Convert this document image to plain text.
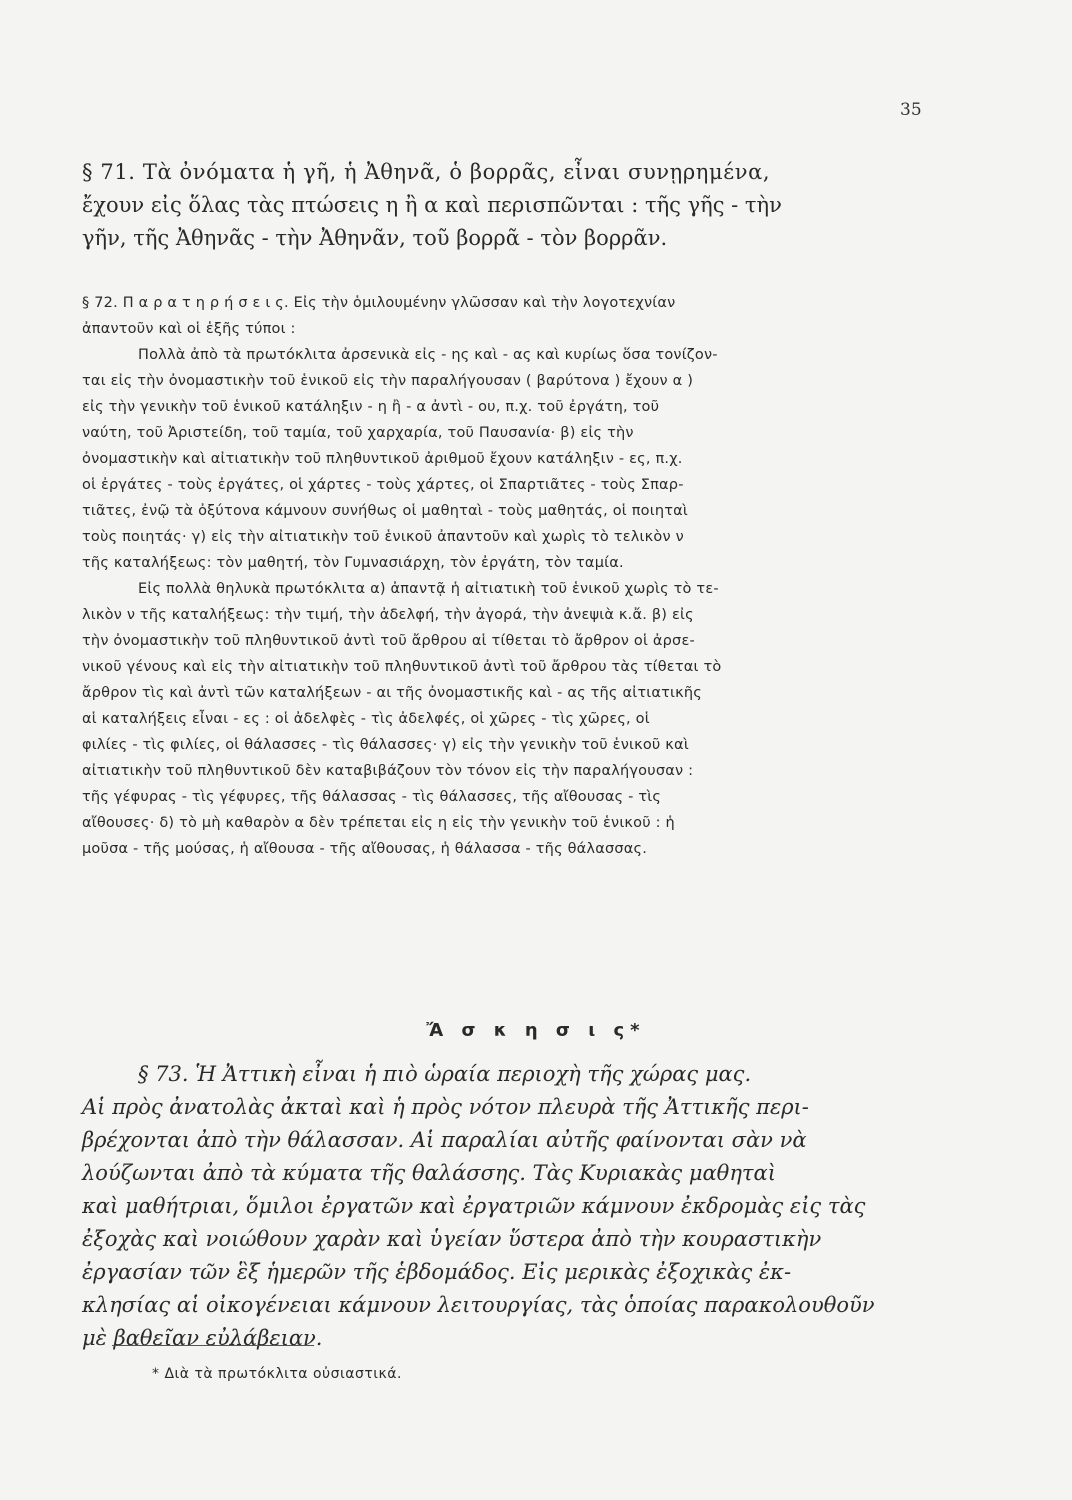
35
§ 71. Τὰ ὀνόματα ἡ γῆ, ἡ Ἀθηνᾶ, ὁ βορρᾶς, εἶναι συνῃρημένα,
ἔχουν εἰς ὅλας τὰς πτώσεις η ἢ α καὶ περισπῶνται : τῆς γῆς - τὴν
γῆν, τῆς Ἀθηνᾶς - τὴν Ἀθηνᾶν, τοῦ βορρᾶ - τὸν βορρᾶν.
§ 72. Π α ρ α τ η ρ ή σ ε ι ς. Εἰς τὴν ὁμιλουμένην γλῶσσαν καὶ τὴν λογοτεχνίαν
ἀπαντοῦν καὶ οἱ ἑξῆς τύποι :
Πολλὰ ἀπὸ τὰ πρωτόκλιτα ἀρσενικὰ εἰς - ης καὶ - ας καὶ κυρίως ὅσα τονίζον-
ται εἰς τὴν ὀνομαστικὴν τοῦ ἑνικοῦ εἰς τὴν παραλήγουσαν ( βαρύτονα ) ἔχουν α )
εἰς τὴν γενικὴν τοῦ ἑνικοῦ κατάληξιν - η ἢ - α ἀντὶ - ου, π.χ. τοῦ ἐργάτη, τοῦ
ναύτη, τοῦ Ἀριστείδη, τοῦ ταμία, τοῦ χαρχαρία, τοῦ Παυσανία· β) εἰς τὴν
ὀνομαστικὴν καὶ αἰτιατικὴν τοῦ πληθυντικοῦ ἀριθμοῦ ἔχουν κατάληξιν - ες, π.χ.
οἱ ἐργάτες - τοὺς ἐργάτες, οἱ χάρτες - τοὺς χάρτες, οἱ Σπαρτιᾶτες - τοὺς Σπαρ-
τιᾶτες, ἐνῷ τὰ ὀξύτονα κάμνουν συνήθως οἱ μαθηταὶ - τοὺς μαθητάς, οἱ ποιηταὶ
τοὺς ποιητάς· γ) εἰς τὴν αἰτιατικὴν τοῦ ἑνικοῦ ἀπαντοῦν καὶ χωρὶς τὸ τελικὸν ν
τῆς καταλήξεως: τὸν μαθητή, τὸν Γυμνασιάρχη, τὸν ἐργάτη, τὸν ταμία.
Εἰς πολλὰ θηλυκὰ πρωτόκλιτα α) ἀπαντᾷ ἡ αἰτιατικὴ τοῦ ἑνικοῦ χωρὶς τὸ τε-
λικὸν ν τῆς καταλήξεως: τὴν τιμή, τὴν ἀδελφή, τὴν ἀγορά, τὴν ἀνεψιὰ κ.ἄ. β) εἰς
τὴν ὀνομαστικὴν τοῦ πληθυντικοῦ ἀντὶ τοῦ ἄρθρου αἱ τίθεται τὸ ἄρθρον οἱ ἀρσε-
νικοῦ γένους καὶ εἰς τὴν αἰτιατικὴν τοῦ πληθυντικοῦ ἀντὶ τοῦ ἄρθρου τὰς τίθεται τὸ
ἄρθρον τὶς καὶ ἀντὶ τῶν καταλήξεων - αι τῆς ὀνομαστικῆς καὶ - ας τῆς αἰτιατικῆς
αἱ καταλήξεις εἶναι - ες : οἱ ἀδελφὲς - τὶς ἀδελφές, οἱ χῶρες - τὶς χῶρες, οἱ
φιλίες - τὶς φιλίες, οἱ θάλασσες - τὶς θάλασσες· γ) εἰς τὴν γενικὴν τοῦ ἑνικοῦ καὶ
αἰτιατικὴν τοῦ πληθυντικοῦ δὲν καταβιβάζουν τὸν τόνον εἰς τὴν παραλήγουσαν :
τῆς γέφυρας - τὶς γέφυρες, τῆς θάλασσας - τὶς θάλασσες, τῆς αἴθουσας - τὶς
αἴθουσες· δ) τὸ μὴ καθαρὸν α δὲν τρέπεται εἰς η εἰς τὴν γενικὴν τοῦ ἑνικοῦ : ἡ
μοῦσα - τῆς μούσας, ἡ αἴθουσα - τῆς αἴθουσας, ἡ θάλασσα - τῆς θάλασσας.
Ἄ σ κ η σ ι ς*
§ 73. Ἡ Ἀττικὴ εἶναι ἡ πιὸ ὡραία περιοχὴ τῆς χώρας μας.
Αἱ πρὸς ἀνατολὰς ἀκταὶ καὶ ἡ πρὸς νότον πλευρὰ τῆς Ἀττικῆς περι-
βρέχονται ἀπὸ τὴν θάλασσαν. Αἱ παραλίαι αὐτῆς φαίνονται σὰν νὰ
λούζωνται ἀπὸ τὰ κύματα τῆς θαλάσσης. Τὰς Κυριακὰς μαθηταὶ
καὶ μαθήτριαι, ὅμιλοι ἐργατῶν καὶ ἐργατριῶν κάμνουν ἐκδρομὰς εἰς τὰς
ἐξοχὰς καὶ νοιώθουν χαρὰν καὶ ὑγείαν ὕστερα ἀπὸ τὴν κουραστικὴν
ἐργασίαν τῶν ἓξ ἡμερῶν τῆς ἑβδομάδος. Εἰς μερικὰς ἐξοχικὰς ἐκ-
κλησίας αἱ οἰκογένειαι κάμνουν λειτουργίας, τὰς ὁποίας παρακολουθοῦν
μὲ βαθεῖαν εὐλάβειαν.
* Διὰ τὰ πρωτόκλιτα οὐσιαστικά.
